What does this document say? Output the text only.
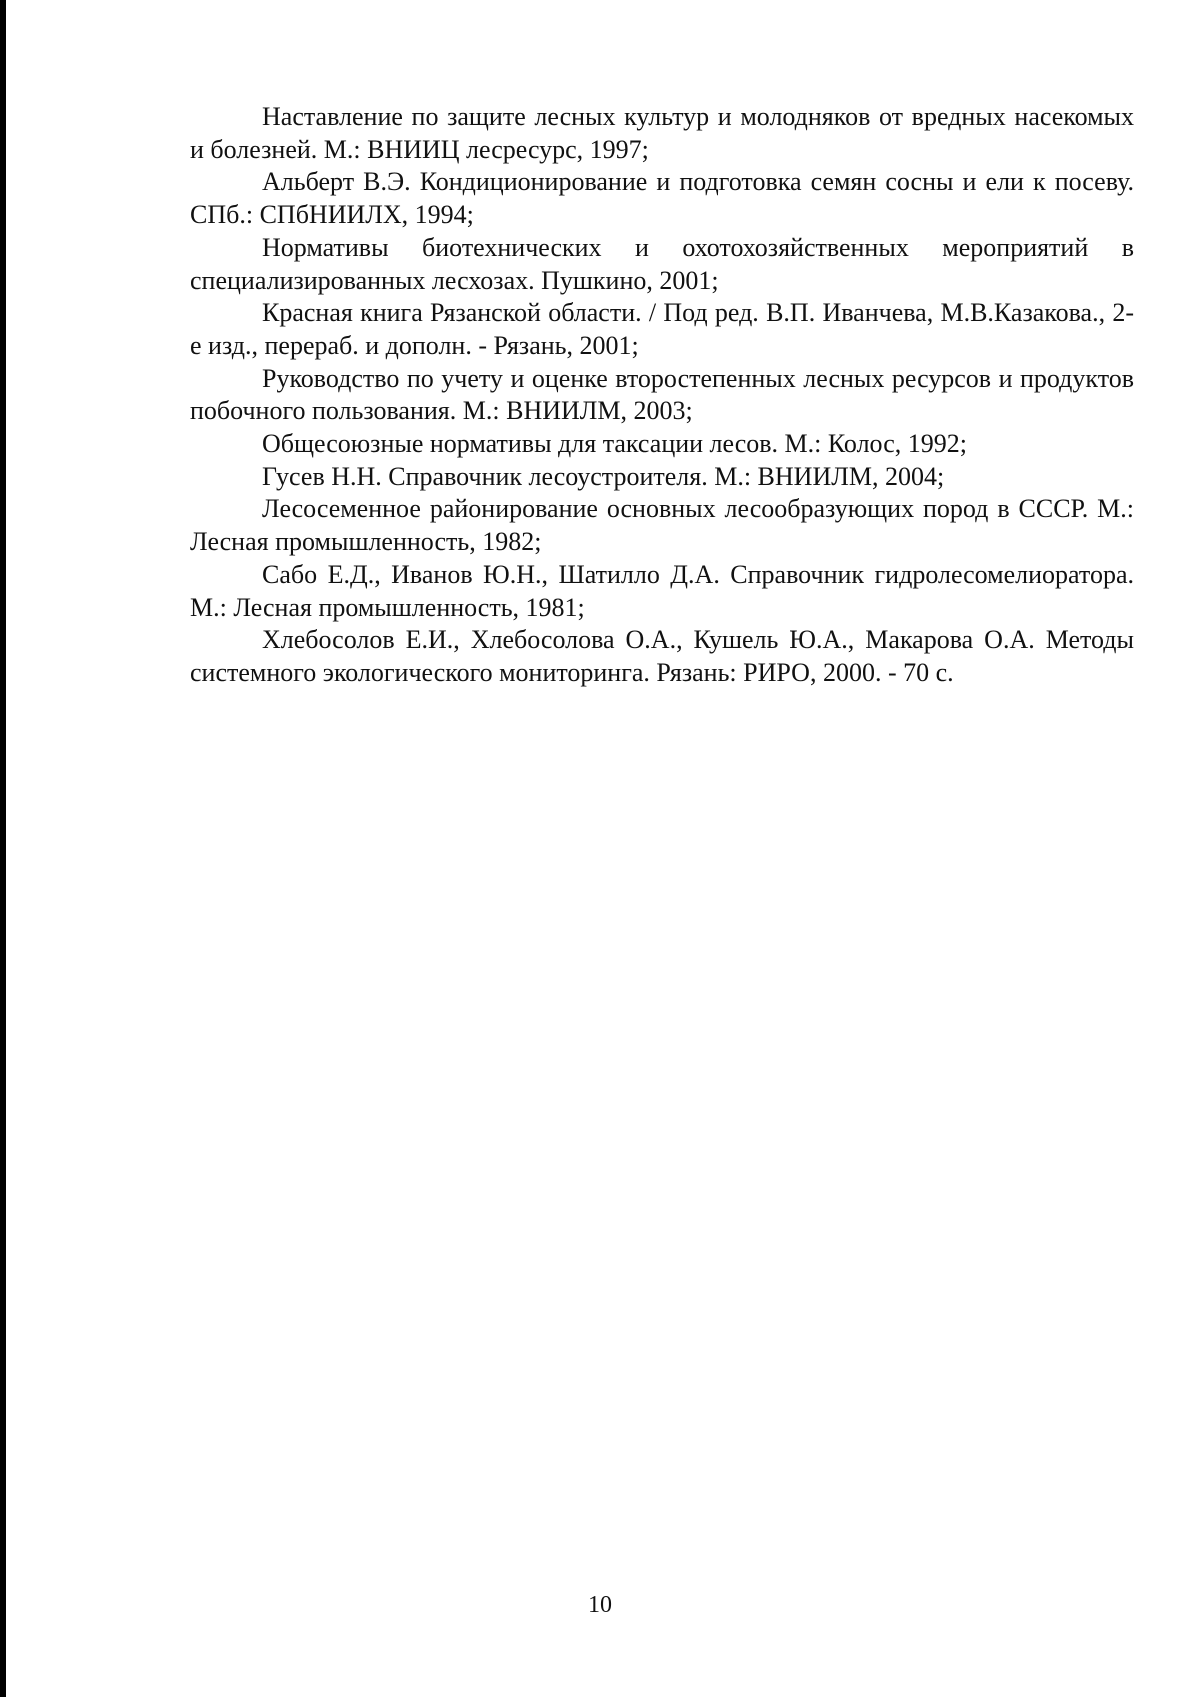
Наставление по защите лесных культур и молодняков от вредных насекомых и болезней. М.: ВНИИЦ лесресурс, 1997;

Альберт В.Э. Кондиционирование и подготовка семян сосны и ели к посеву. СПб.: СПбНИИЛХ, 1994;

Нормативы биотехнических и охотохозяйственных мероприятий в специализированных лесхозах. Пушкино, 2001;

Красная книга Рязанской области. / Под ред. В.П. Иванчева, М.В.Казакова., 2-е изд., перераб. и дополн. - Рязань, 2001;

Руководство по учету и оценке второстепенных лесных ресурсов и продуктов побочного пользования. М.: ВНИИЛМ, 2003;

Общесоюзные нормативы для таксации лесов. М.: Колос, 1992;

Гусев Н.Н. Справочник лесоустроителя. М.: ВНИИЛМ, 2004;

Лесосеменное районирование основных лесообразующих пород в СССР. М.: Лесная промышленность, 1982;

Сабо Е.Д., Иванов Ю.Н., Шатилло Д.А. Справочник гидролесомелиоратора. М.: Лесная промышленность, 1981;

Хлебосолов Е.И., Хлебосолова О.А., Кушель Ю.А., Макарова О.А. Методы системного экологического мониторинга. Рязань: РИРО, 2000. - 70 с.

10
